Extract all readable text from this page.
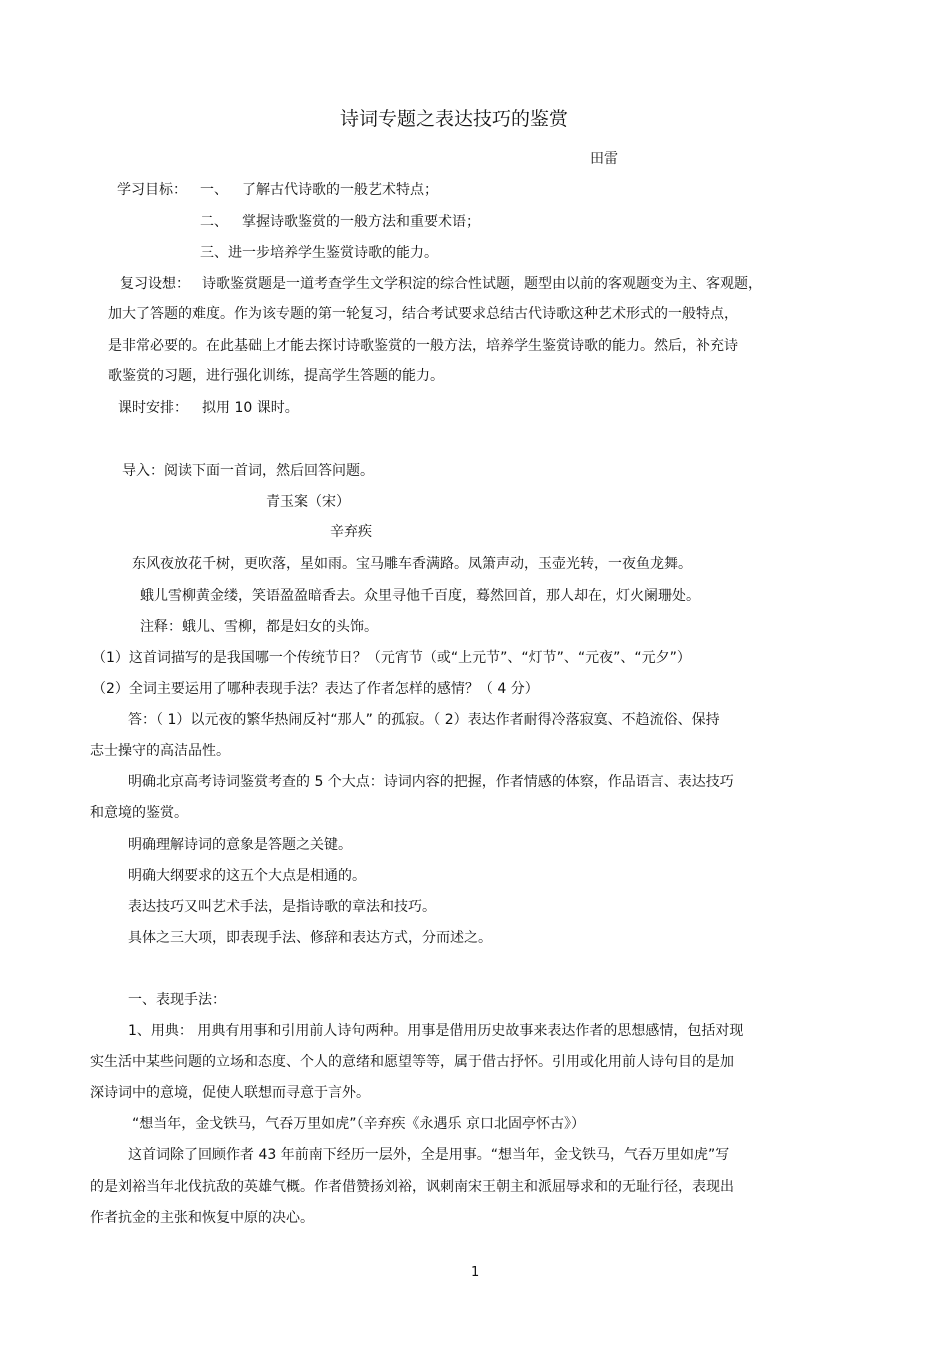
诗词专题之表达技巧的鉴赏
田雷
学习目标： 一、 了解古代诗歌的一般艺术特点；
二、 掌握诗歌鉴赏的一般方法和重要术语；
三、进一步培养学生鉴赏诗歌的能力。
复习设想： 诗歌鉴赏题是一道考查学生文学积淀的综合性试题，题型由以前的客观题变为主、客观题，
加大了答题的难度。作为该专题的第一轮复习，结合考试要求总结古代诗歌这种艺术形式的一般特点，
是非常必要的。在此基础上才能去探讨诗歌鉴赏的一般方法，培养学生鉴赏诗歌的能力。然后，补充诗
歌鉴赏的习题，进行强化训练，提高学生答题的能力。
课时安排： 拟用 10 课时。
导入：阅读下面一首词，然后回答问题。
青玉案（宋）
辛弃疾
东风夜放花千树，更吹落，星如雨。宝马雕车香满路。凤箫声动，玉壶光转，一夜鱼龙舞。
蛾儿雪柳黄金缕，笑语盈盈暗香去。众里寻他千百度，蓦然回首，那人却在，灯火阑珊处。
注释：蛾儿、雪柳，都是妇女的头饰。
（1）这首词描写的是我国哪一个传统节日？（元宵节（或“上元节”、“灯节”、“元夜”、“元夕”）
（2）全词主要运用了哪种表现手法？表达了作者怎样的感情？（ 4 分）
答：（ 1）以元夜的繁华热闹反衬“那人” 的孤寂。（ 2）表达作者耐得冷落寂寞、不趋流俗、保持
志士操守的高洁品性。
明确北京高考诗词鉴赏考查的 5 个大点：诗词内容的把握，作者情感的体察，作品语言、表达技巧
和意境的鉴赏。
明确理解诗词的意象是答题之关键。
明确大纲要求的这五个大点是相通的。
表达技巧又叫艺术手法，是指诗歌的章法和技巧。
具体之三大项，即表现手法、修辞和表达方式，分而述之。
一、表现手法：
1、用典： 用典有用事和引用前人诗句两种。用事是借用历史故事来表达作者的思想感情，包括对现
实生活中某些问题的立场和态度、个人的意绪和愿望等等，属于借古抒怀。引用或化用前人诗句目的是加
深诗词中的意境，促使人联想而寻意于言外。
“想当年，金戈铁马，气吞万里如虎”（辛弃疾《永遇乐 京口北固亭怀古》）
这首词除了回顾作者 43 年前南下经历一层外，全是用事。“想当年，金戈铁马，气吞万里如虎”写
的是刘裕当年北伐抗敌的英雄气概。作者借赞扬刘裕，讽刺南宋王朝主和派屈辱求和的无耻行径，表现出
作者抗金的主张和恢复中原的决心。
1
